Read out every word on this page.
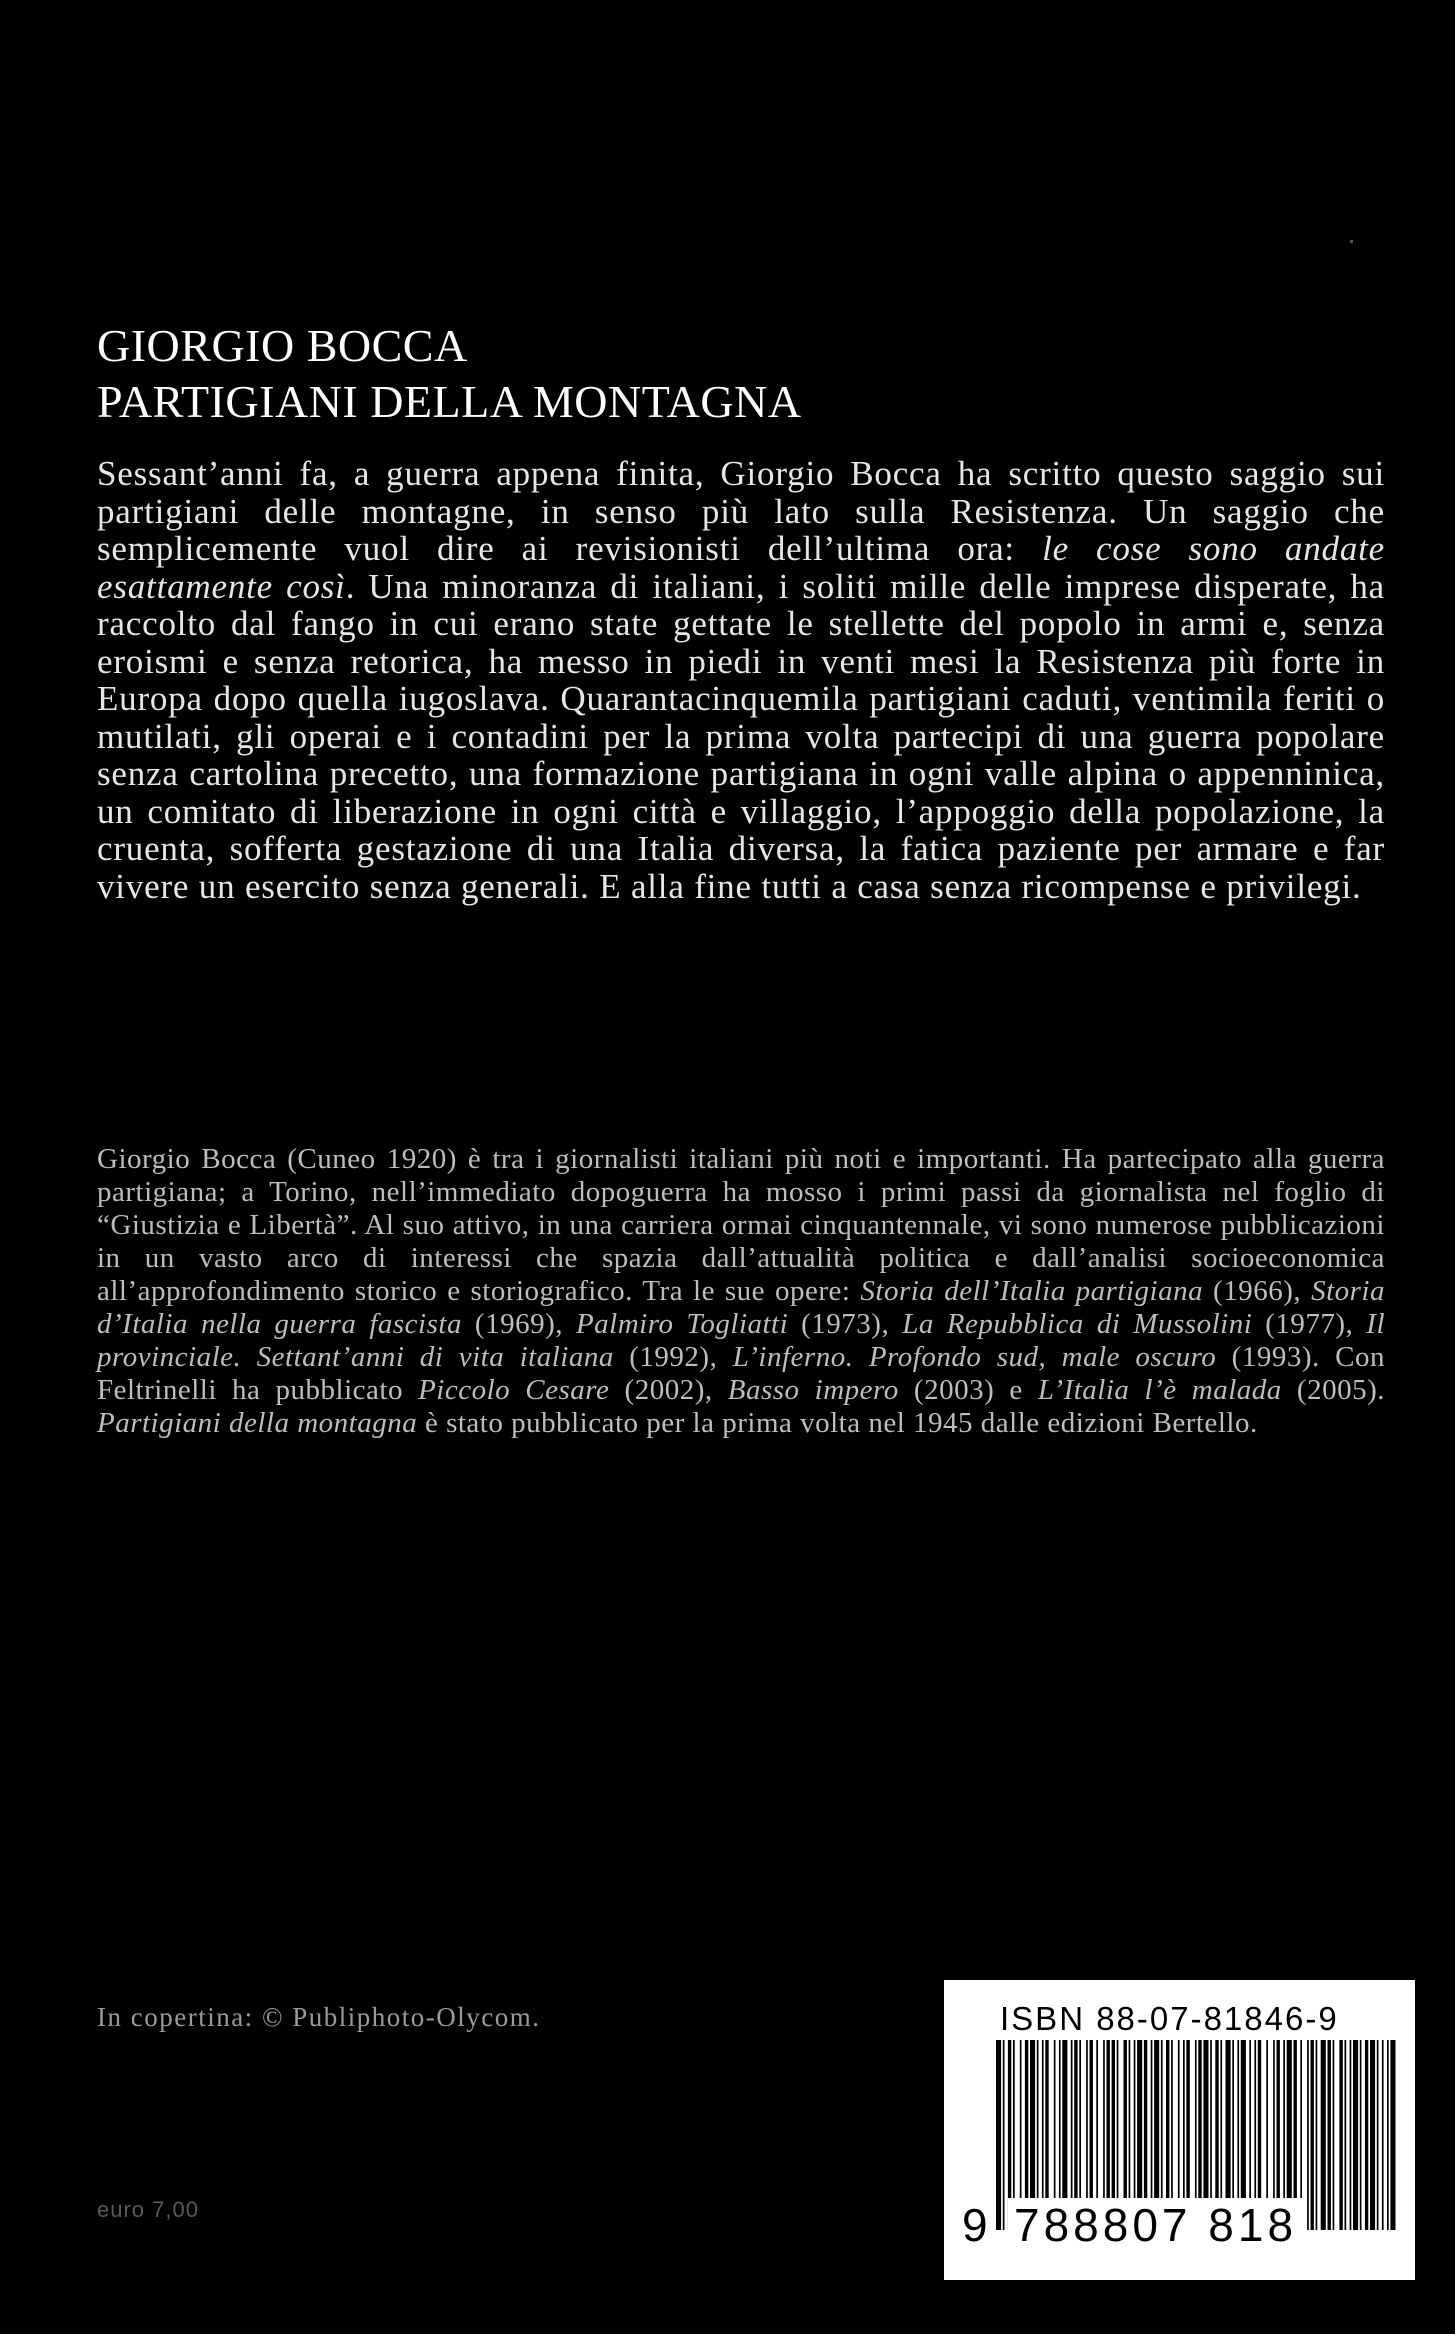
GIORGIO BOCCA
PARTIGIANI DELLA MONTAGNA

Sessant’anni fa, a guerra appena finita, Giorgio Bocca ha scritto questo saggio sui partigiani delle montagne, in senso più lato sulla Resistenza. Un saggio che semplicemente vuol dire ai revisionisti dell’ultima ora: le cose sono andate esattamente così. Una minoranza di italiani, i soliti mille delle imprese disperate, ha raccolto dal fango in cui erano state gettate le stellette del popolo in armi e, senza eroismi e senza retorica, ha messo in piedi in venti mesi la Resistenza più forte in Europa dopo quella iugoslava. Quarantacinquemila partigiani caduti, ventimila feriti o mutilati, gli operai e i contadini per la prima volta partecipi di una guerra popolare senza cartolina precetto, una formazione partigiana in ogni valle alpina o appenninica, un comitato di liberazione in ogni città e villaggio, l’appoggio della popolazione, la cruenta, sofferta gestazione di una Italia diversa, la fatica paziente per armare e far vivere un esercito senza generali. E alla fine tutti a casa senza ricompense e privilegi.

Giorgio Bocca (Cuneo 1920) è tra i giornalisti italiani più noti e importanti. Ha partecipato alla guerra partigiana; a Torino, nell’immediato dopoguerra ha mosso i primi passi da giornalista nel foglio di “Giustizia e Libertà”. Al suo attivo, in una carriera ormai cinquantennale, vi sono numerose pubblicazioni in un vasto arco di interessi che spazia dall’attualità politica e dall’analisi socioeconomica all’approfondimento storico e storiografico. Tra le sue opere: Storia dell’Italia partigiana (1966), Storia d’Italia nella guerra fascista (1969), Palmiro Togliatti (1973), La Repubblica di Mussolini (1977), Il provinciale. Settant’anni di vita italiana (1992), L’inferno. Profondo sud, male oscuro (1993). Con Feltrinelli ha pubblicato Piccolo Cesare (2002), Basso impero (2003) e L’Italia l’è malada (2005). Partigiani della montagna è stato pubblicato per la prima volta nel 1945 dalle edizioni Bertello.

In copertina: © Publiphoto-Olycom.
euro 7,00
ISBN 88-07-81846-9
9 788807 818
